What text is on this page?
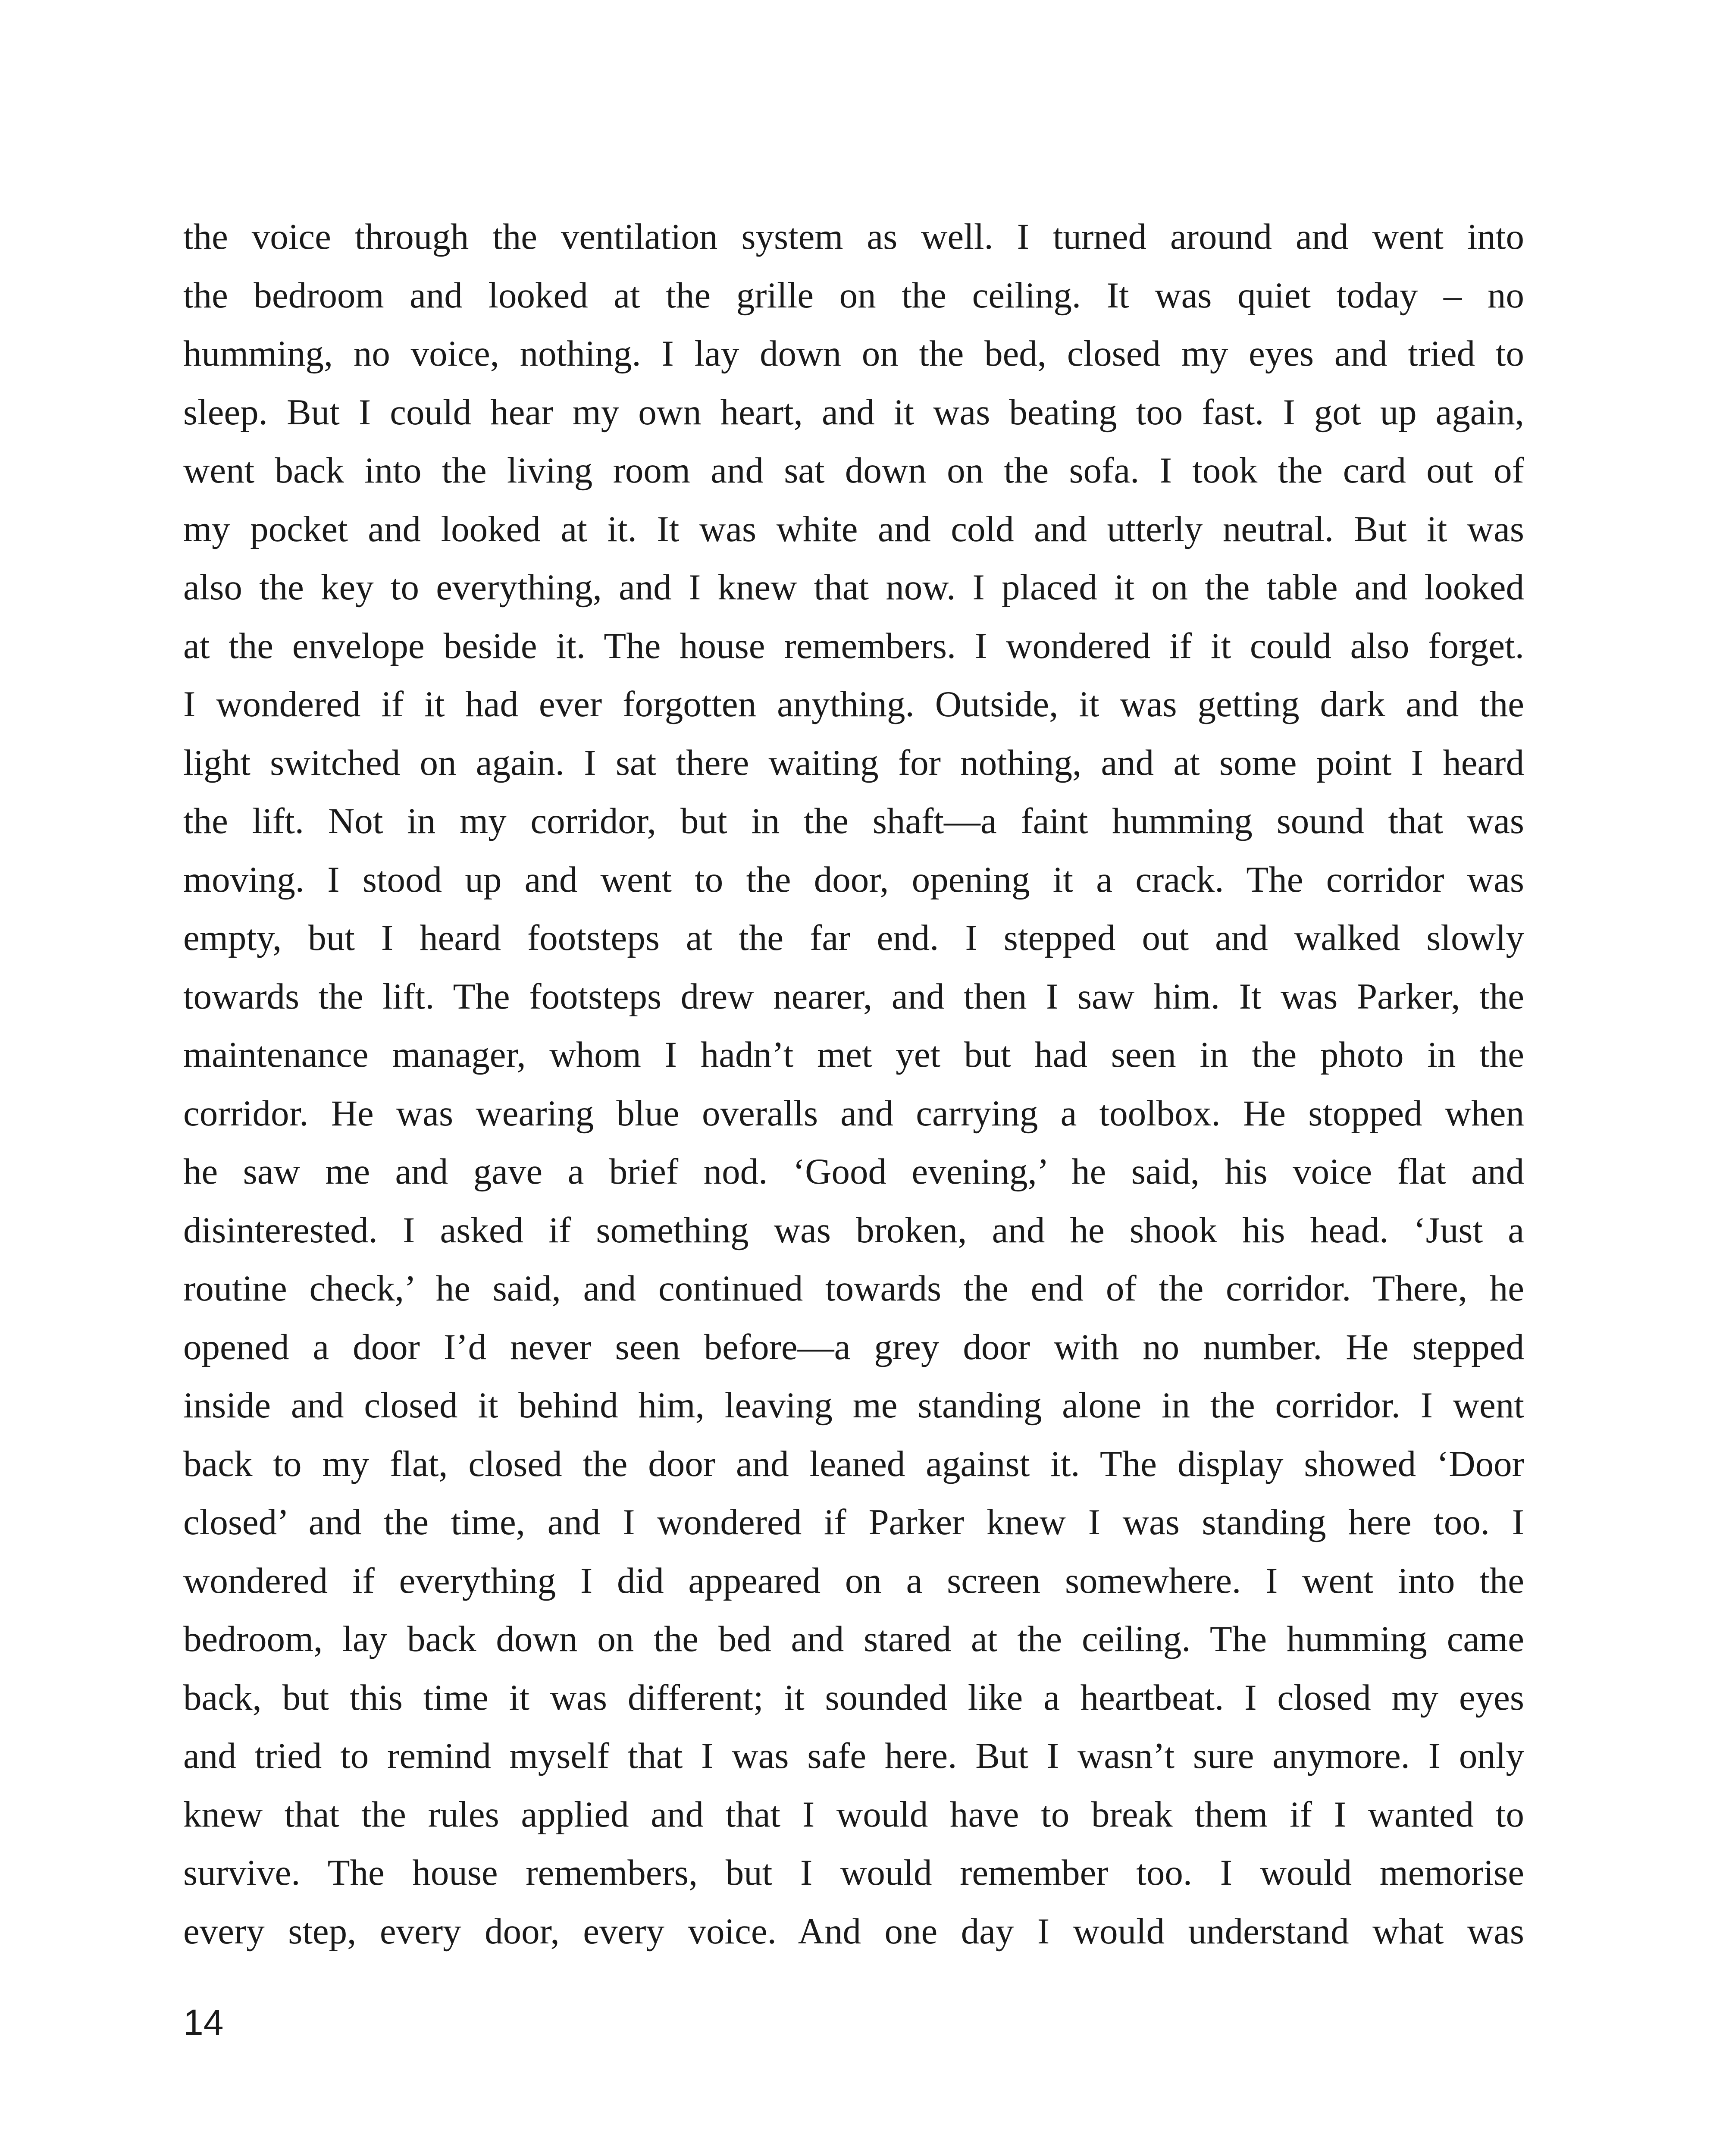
the voice through the ventilation system as well. I turned around and went into
the bedroom and looked at the grille on the ceiling. It was quiet today – no
humming, no voice, nothing. I lay down on the bed, closed my eyes and tried to
sleep. But I could hear my own heart, and it was beating too fast. I got up again,
went back into the living room and sat down on the sofa. I took the card out of
my pocket and looked at it. It was white and cold and utterly neutral. But it was
also the key to everything, and I knew that now. I placed it on the table and looked
at the envelope beside it. The house remembers. I wondered if it could also forget.
I wondered if it had ever forgotten anything. Outside, it was getting dark and the
light switched on again. I sat there waiting for nothing, and at some point I heard
the lift. Not in my corridor, but in the shaft—a faint humming sound that was
moving. I stood up and went to the door, opening it a crack. The corridor was
empty, but I heard footsteps at the far end. I stepped out and walked slowly
towards the lift. The footsteps drew nearer, and then I saw him. It was Parker, the
maintenance manager, whom I hadn’t met yet but had seen in the photo in the
corridor. He was wearing blue overalls and carrying a toolbox. He stopped when
he saw me and gave a brief nod. ‘Good evening,’ he said, his voice flat and
disinterested. I asked if something was broken, and he shook his head. ‘Just a
routine check,’ he said, and continued towards the end of the corridor. There, he
opened a door I’d never seen before—a grey door with no number. He stepped
inside and closed it behind him, leaving me standing alone in the corridor. I went
back to my flat, closed the door and leaned against it. The display showed ‘Door
closed’ and the time, and I wondered if Parker knew I was standing here too. I
wondered if everything I did appeared on a screen somewhere. I went into the
bedroom, lay back down on the bed and stared at the ceiling. The humming came
back, but this time it was different; it sounded like a heartbeat. I closed my eyes
and tried to remind myself that I was safe here. But I wasn’t sure anymore. I only
knew that the rules applied and that I would have to break them if I wanted to
survive. The house remembers, but I would remember too. I would memorise
every step, every door, every voice. And one day I would understand what was
14
